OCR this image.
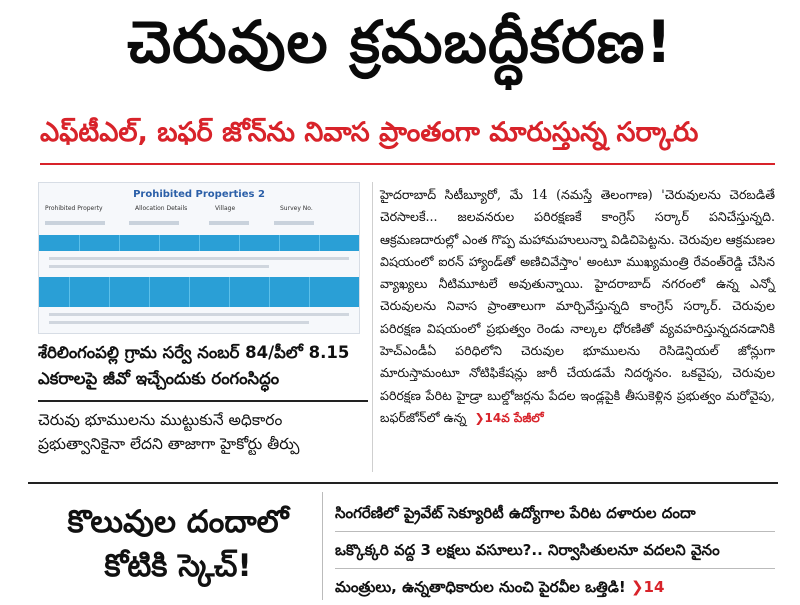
చెరువుల క్రమబద్ధీకరణ!
ఎఫ్‌టీఎల్, బఫర్ జోన్‌ను నివాస ప్రాంతంగా మారుస్తున్న సర్కారు
Prohibited Properties 2
Prohibited Property	Allocation Details	Village	Survey No.
శేరిలింగంపల్లి గ్రామ సర్వే నంబర్ 84/పీలో 8.15 ఎకరాలపై జీవో ఇచ్చేందుకు రంగంసిద్ధం
చెరువు భూములను ముట్టుకునే అధికారం ప్రభుత్వానికైనా లేదని తాజాగా హైకోర్టు తీర్పు
హైదరాబాద్ సిటీబ్యూరో, మే 14 (నమస్తే తెలంగాణ) 'చెరువులను చెరబడితే చెరసాలకే... జలవనరుల పరిరక్షణకే కాంగ్రెస్ సర్కార్ పనిచేస్తున్నది. ఆక్రమణదారుల్లో ఎంత గొప్ప మహామహులున్నా విడిచిపెట్టను. చెరువుల ఆక్రమణల విషయంలో ఐరన్ హ్యాండ్‌తో అణిచివేస్తాం' అంటూ ముఖ్యమంత్రి రేవంత్‌రెడ్డి చేసిన వ్యాఖ్యలు నీటిమూటలే అవుతున్నాయి. హైదరాబాద్ నగరంలో ఉన్న ఎన్నో చెరువులను నివాస ప్రాంతాలుగా మార్చివేస్తున్నది కాంగ్రెస్ సర్కార్. చెరువుల పరిరక్షణ విషయంలో ప్రభుత్వం రెండు నాల్కల ధోరణితో వ్యవహరిస్తున్నదనడానికి హెచ్‌ఎండీఏ పరిధిలోని చెరువుల భూములను రెసిడెన్షియల్ జోన్లుగా మారుస్తామంటూ నోటిఫికేషన్లు జారీ చేయడమే నిదర్శనం. ఒకవైపు, చెరువుల పరిరక్షణ పేరిట హైడ్రా బుల్డోజర్లను పేదల ఇండ్లపైకి తీసుకెళ్లిన ప్రభుత్వం మరోవైపు, బఫర్‌జోన్‌లో ఉన్న  ❯14వ పేజీలో
కొలువుల దందాలో
కోటికి స్కెచ్!
సింగరేణిలో ప్రైవేట్ సెక్యూరిటీ ఉద్యోగాల పేరిట దళారుల దందా
ఒక్కొక్కరి వద్ద 3 లక్షలు వసూలు?.. నిర్వాసితులనూ వదలని వైనం
మంత్రులు, ఉన్నతాధికారుల నుంచి పైరవీల ఒత్తిడి! ❯14
